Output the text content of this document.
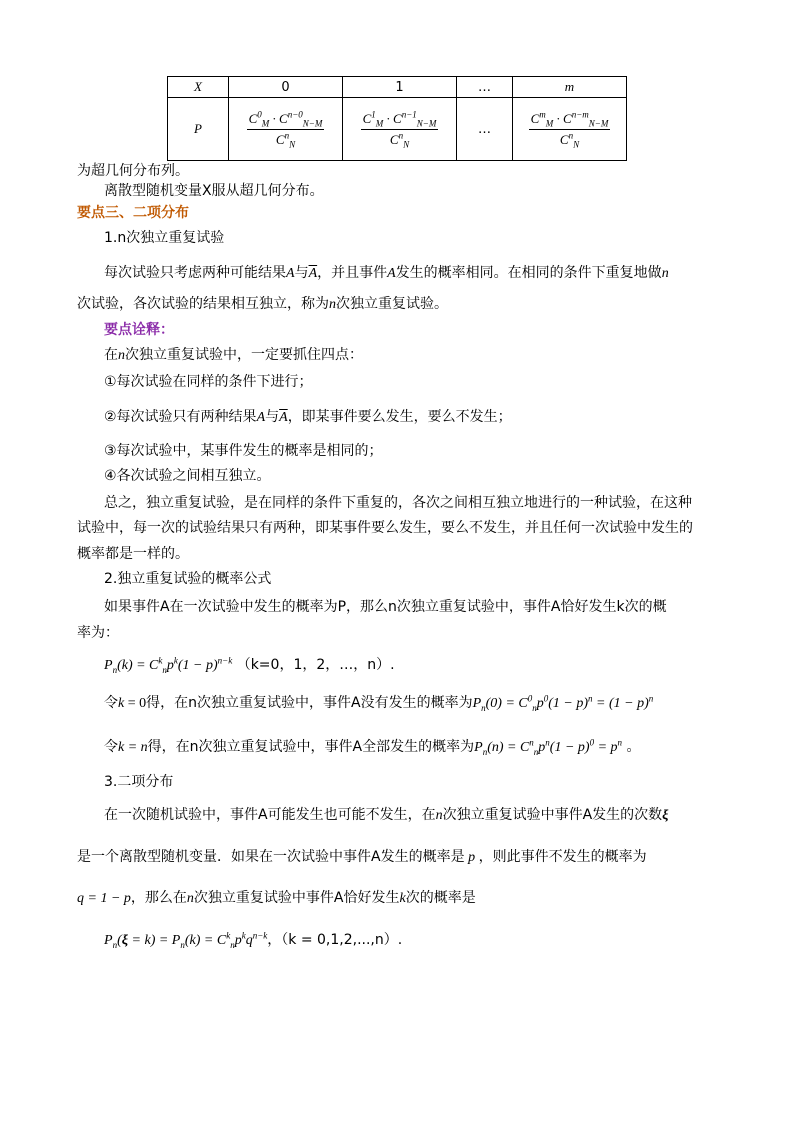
X	0	1	…	m
P	$\frac{C^0_M \cdot C^{n-0}_{N-M}}{C^n_N}$	$\frac{C^1_M \cdot C^{n-1}_{N-M}}{C^n_N}$	…	$\frac{C^m_M \cdot C^{n-m}_{N-M}}{C^n_N}$
为超几何分布列。
离散型随机变量X服从超几何分布。
要点三、二项分布
1.n次独立重复试验
每次试验只考虑两种可能结果A与$\overline{A}$，并且事件A发生的概率相同。在相同的条件下重复地做n
次试验，各次试验的结果相互独立，称为n次独立重复试验。
要点诠释：
在n次独立重复试验中，一定要抓住四点：
①每次试验在同样的条件下进行；
②每次试验只有两种结果A与$\overline{A}$，即某事件要么发生，要么不发生；
③每次试验中，某事件发生的概率是相同的；
④各次试验之间相互独立。
总之，独立重复试验，是在同样的条件下重复的，各次之间相互独立地进行的一种试验，在这种
试验中，每一次的试验结果只有两种，即某事件要么发生，要么不发生，并且任何一次试验中发生的
概率都是一样的。
2.独立重复试验的概率公式
如果事件A在一次试验中发生的概率为P，那么n次独立重复试验中，事件A恰好发生k次的概
率为：
$P_n(k) = C^k_np^k(1 - p)^{n-k}$ （k=0，1，2，…，n）.
令k = 0得，在n次独立重复试验中，事件A没有发生的概率为$P_n(0) = C^0_np^0(1 - p)^n = (1 - p)^n$
令k = n得，在n次独立重复试验中，事件A全部发生的概率为$P_n(n) = C^n_np^n(1 - p)^0 = p^n$ 。
3.二项分布
在一次随机试验中，事件A可能发生也可能不发生，在n次独立重复试验中事件A发生的次数ξ
是一个离散型随机变量．如果在一次试验中事件A发生的概率是 p ，则此事件不发生的概率为
q = 1 − p，那么在n次独立重复试验中事件A恰好发生k次的概率是
$P_n(\xi = k) = P_n(k) = C^k_np^kq^{n-k}$，（k = 0,1,2,...,n）.
